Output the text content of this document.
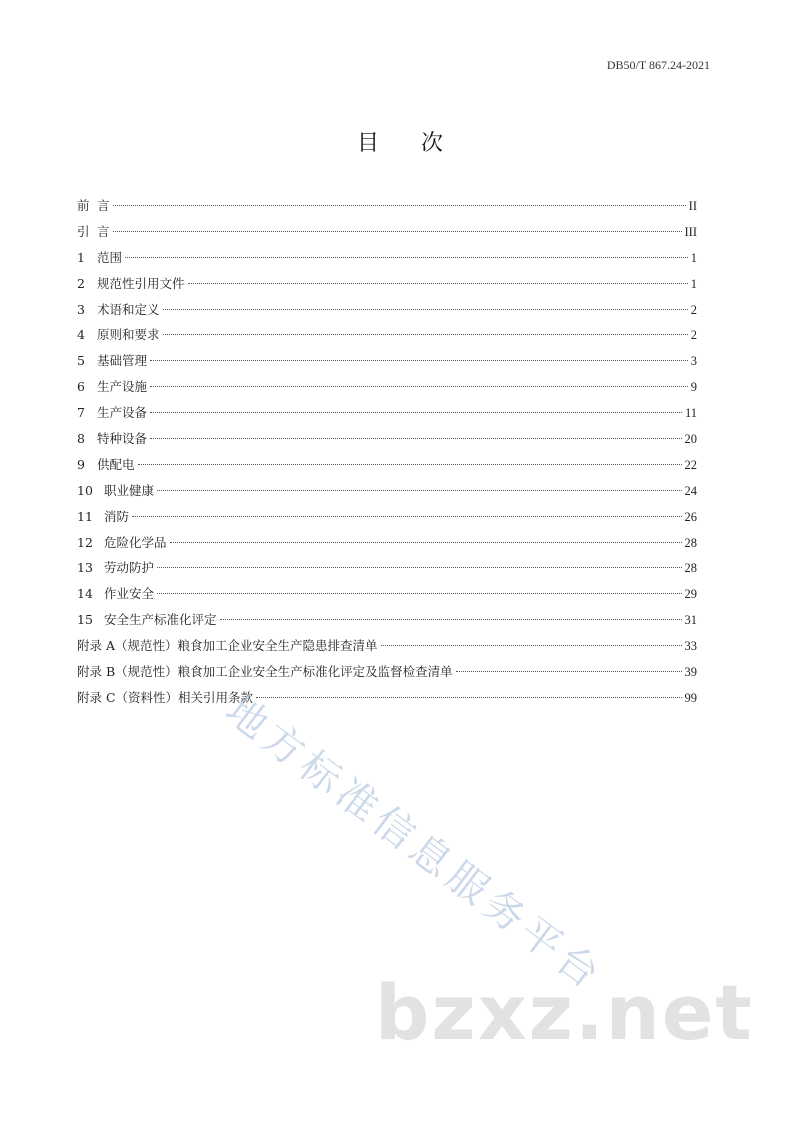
DB50/T 867.24-2021
目次
前 言	II
引 言	III
1 范围	1
2 规范性引用文件	1
3 术语和定义	2
4 原则和要求	2
5 基础管理	3
6 生产设施	9
7 生产设备	11
8 特种设备	20
9 供配电	22
10 职业健康	24
11 消防	26
12 危险化学品	28
13 劳动防护	28
14 作业安全	29
15 安全生产标准化评定	31
附录 A（规范性）粮食加工企业安全生产隐患排查清单	33
附录 B（规范性）粮食加工企业安全生产标准化评定及监督检查清单	39
附录 C（资料性）相关引用条款	99
地方标准信息服务平台
bzxz.net
